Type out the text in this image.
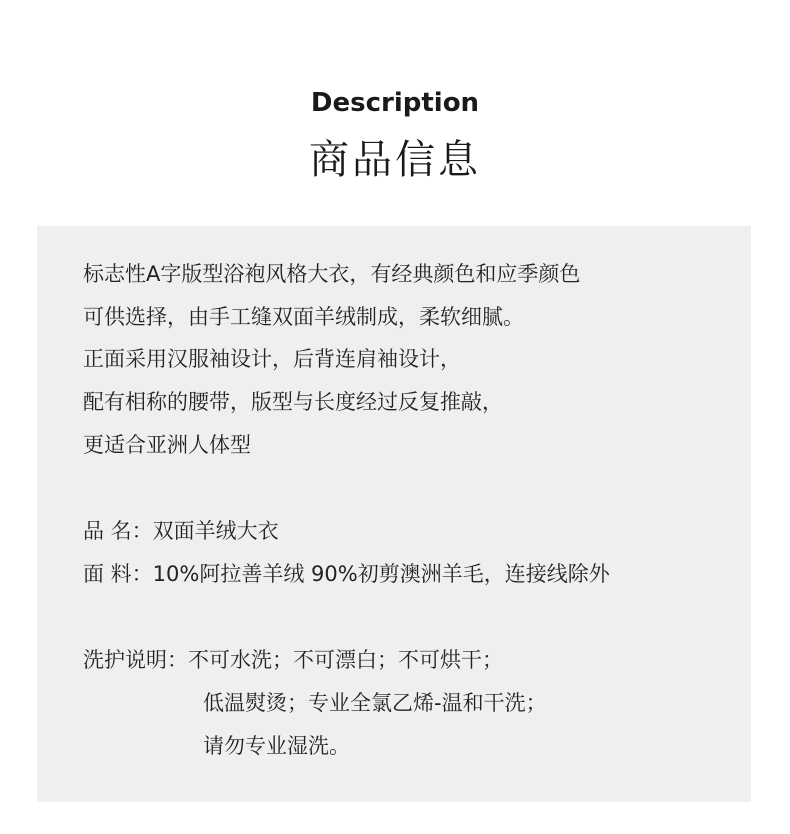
Description
商品信息
标志性A字版型浴袍风格大衣，有经典颜色和应季颜色
可供选择，由手工缝双面羊绒制成，柔软细腻。
正面采用汉服袖设计，后背连肩袖设计，
配有相称的腰带，版型与长度经过反复推敲，
更适合亚洲人体型
品 名：双面羊绒大衣
面 料：10%阿拉善羊绒 90%初剪澳洲羊毛，连接线除外
洗护说明：不可水洗；不可漂白；不可烘干；
低温熨烫；专业全氯乙烯-温和干洗；
请勿专业湿洗。
